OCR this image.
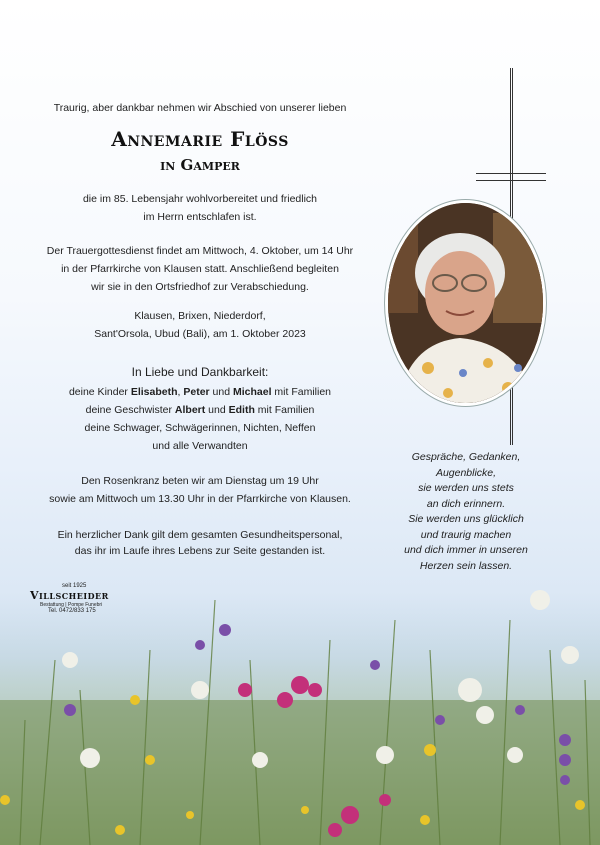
Traurig, aber dankbar nehmen wir Abschied von unserer lieben
Annemarie Flöss
in Gamper
die im 85. Lebensjahr wohlvorbereitet und friedlich
im Herrn entschlafen ist.
Der Trauergottesdienst findet am Mittwoch, 4. Oktober, um 14 Uhr
in der Pfarrkirche von Klausen statt. Anschließend begleiten
wir sie in den Ortsfriedhof zur Verabschiedung.
Klausen, Brixen, Niederdorf,
Sant'Orsola, Ubud (Bali), am 1. Oktober 2023
In Liebe und Dankbarkeit:
deine Kinder Elisabeth, Peter und Michael mit Familien
deine Geschwister Albert und Edith mit Familien
deine Schwager, Schwägerinnen, Nichten, Neffen
und alle Verwandten
Den Rosenkranz beten wir am Dienstag um 19 Uhr
sowie am Mittwoch um 13.30 Uhr in der Pfarrkirche von Klausen.
Ein herzlicher Dank gilt dem gesamten Gesundheitspersonal,
das ihr im Laufe ihres Lebens zur Seite gestanden ist.
Gespräche, Gedanken,
Augenblicke,
sie werden uns stets
an dich erinnern.
Sie werden uns glücklich
und traurig machen
und dich immer in unseren
Herzen sein lassen.
seit 1925
Villscheider
Bestattung | Pompe Funebri
Tel. 0472/833 175
